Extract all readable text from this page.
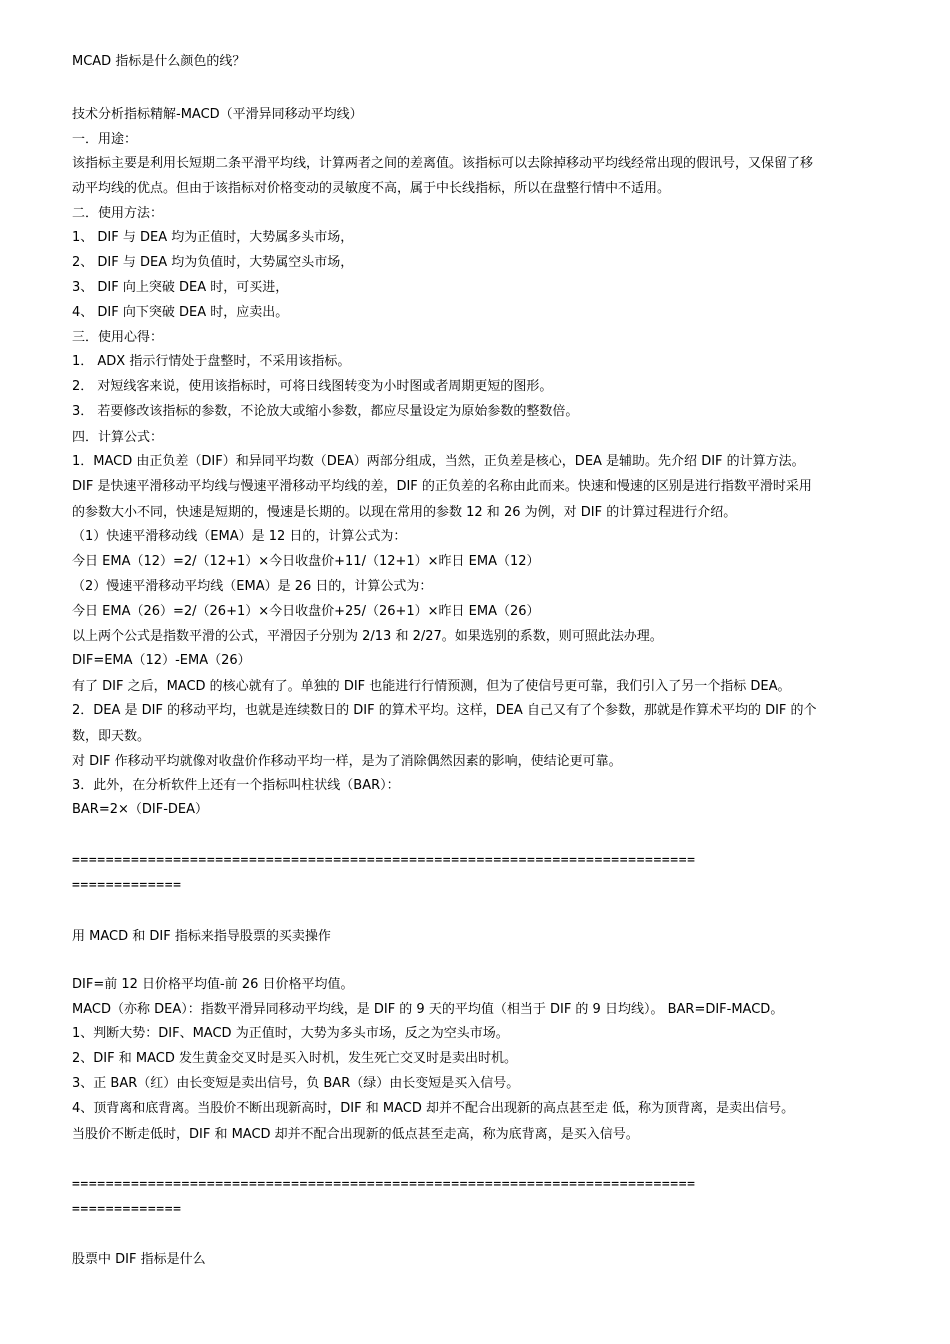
MCAD 指标是什么颜色的线？
技术分析指标精解-MACD（平滑异同移动平均线）
一．用途：
该指标主要是利用长短期二条平滑平均线，计算两者之间的差离值。该指标可以去除掉移动平均线经常出现的假讯号，又保留了移
动平均线的优点。但由于该指标对价格变动的灵敏度不高，属于中长线指标，所以在盘整行情中不适用。
二．使用方法：
1、 DIF 与 DEA 均为正值时，大势属多头市场，
2、 DIF 与 DEA 均为负值时，大势属空头市场，
3、 DIF 向上突破 DEA 时，可买进，
4、 DIF 向下突破 DEA 时，应卖出。
三．使用心得：
1． ADX 指示行情处于盘整时，不采用该指标。
2． 对短线客来说，使用该指标时，可将日线图转变为小时图或者周期更短的图形。
3． 若要修改该指标的参数，不论放大或缩小参数，都应尽量设定为原始参数的整数倍。
四．计算公式：
1．MACD 由正负差（DIF）和异同平均数（DEA）两部分组成，当然，正负差是核心，DEA 是辅助。先介绍 DIF 的计算方法。
DIF 是快速平滑移动平均线与慢速平滑移动平均线的差，DIF 的正负差的名称由此而来。快速和慢速的区别是进行指数平滑时采用
的参数大小不同，快速是短期的，慢速是长期的。以现在常用的参数 12 和 26 为例，对 DIF 的计算过程进行介绍。
（1）快速平滑移动线（EMA）是 12 日的，计算公式为：
今日 EMA（12）=2/（12+1）×今日收盘价+11/（12+1）×昨日 EMA（12）
（2）慢速平滑移动平均线（EMA）是 26 日的，计算公式为：
今日 EMA（26）=2/（26+1）×今日收盘价+25/（26+1）×昨日 EMA（26）
以上两个公式是指数平滑的公式，平滑因子分别为 2/13 和 2/27。如果选别的系数，则可照此法办理。
DIF=EMA（12）-EMA（26）
有了 DIF 之后，MACD 的核心就有了。单独的 DIF 也能进行行情预测，但为了使信号更可靠，我们引入了另一个指标 DEA。
2．DEA 是 DIF 的移动平均，也就是连续数日的 DIF 的算术平均。这样，DEA 自己又有了个参数，那就是作算术平均的 DIF 的个
数，即天数。
对 DIF 作移动平均就像对收盘价作移动平均一样，是为了消除偶然因素的影响，使结论更可靠。
3．此外，在分析软件上还有一个指标叫柱状线（BAR）：
BAR=2×（DIF-DEA）
==========================================================================
=============
用 MACD 和 DIF 指标来指导股票的买卖操作
DIF=前 12 日价格平均值-前 26 日价格平均值。
MACD（亦称 DEA）：指数平滑异同移动平均线，是 DIF 的 9 天的平均值（相当于 DIF 的 9 日均线）。 BAR=DIF-MACD。
1、判断大势：DIF、MACD 为正值时，大势为多头市场，反之为空头市场。
2、DIF 和 MACD 发生黄金交叉时是买入时机，发生死亡交叉时是卖出时机。
3、正 BAR（红）由长变短是卖出信号，负 BAR（绿）由长变短是买入信号。
4、顶背离和底背离。当股价不断出现新高时，DIF 和 MACD 却并不配合出现新的高点甚至走 低，称为顶背离，是卖出信号。
当股价不断走低时，DIF 和 MACD 却并不配合出现新的低点甚至走高，称为底背离，是买入信号。
==========================================================================
=============
股票中 DIF 指标是什么
